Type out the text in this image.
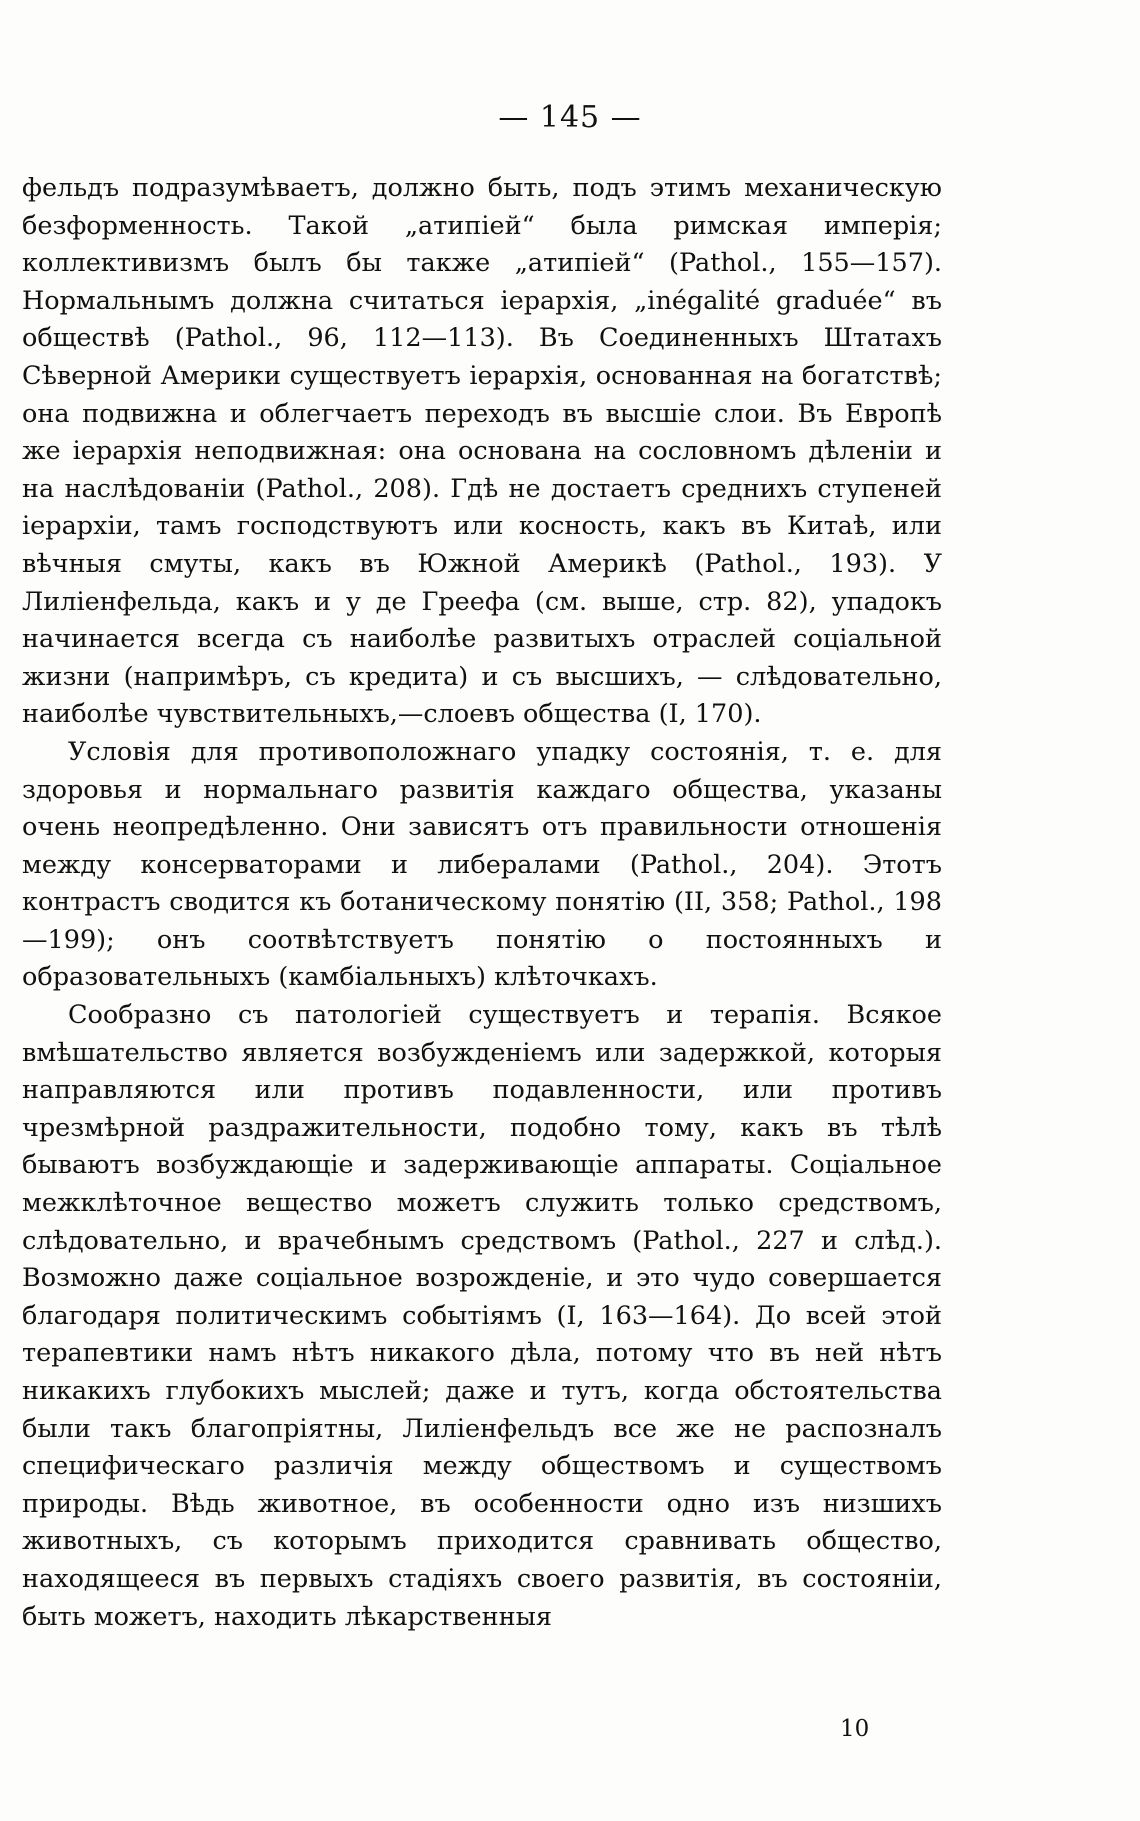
— 145 —

фельдъ подразумѣваетъ, должно быть, подъ этимъ механическую безформенность. Такой „атипіей“ была римская имперія; коллективизмъ былъ бы также „атипіей“ (Pathol., 155—157). Нормальнымъ должна считаться іерархія, „inégalité graduée“ въ обществѣ (Pathol., 96, 112—113). Въ Соединенныхъ Штатахъ Сѣверной Америки существуетъ іерархія, основанная на богатствѣ; она подвижна и облегчаетъ переходъ въ высшіе слои. Въ Европѣ же іерархія неподвижная: она основана на сословномъ дѣленіи и на наслѣдованіи (Pathol., 208). Гдѣ не достаетъ среднихъ ступеней іерархіи, тамъ господствуютъ или косность, какъ въ Китаѣ, или вѣчныя смуты, какъ въ Южной Америкѣ (Pathol., 193). У Лиліенфельда, какъ и у де Греефа (см. выше, стр. 82), упадокъ начинается всегда съ наиболѣе развитыхъ отраслей соціальной жизни (напримѣръ, съ кредита) и съ высшихъ, — слѣдовательно, наиболѣе чувствительныхъ,—слоевъ общества (I, 170).

Условія для противоположнаго упадку состоянія, т. е. для здоровья и нормальнаго развитія каждаго общества, указаны очень неопредѣленно. Они зависятъ отъ правильности отношенія между консерваторами и либералами (Pathol., 204). Этотъ контрастъ сводится къ ботаническому понятію (II, 358; Pathol., 198—199); онъ соотвѣтствуетъ понятію о постоянныхъ и образовательныхъ (камбіальныхъ) клѣточкахъ.

Сообразно съ патологіей существуетъ и терапія. Всякое вмѣшательство является возбужденіемъ или задержкой, которыя направляются или противъ подавленности, или противъ чрезмѣрной раздражительности, подобно тому, какъ въ тѣлѣ бываютъ возбуждающіе и задерживающіе аппараты. Соціальное межклѣточное вещество можетъ служить только средствомъ, слѣдовательно, и врачебнымъ средствомъ (Pathol., 227 и слѣд.). Возможно даже соціальное возрожденіе, и это чудо совершается благодаря политическимъ событіямъ (I, 163—164). До всей этой терапевтики намъ нѣтъ никакого дѣла, потому что въ ней нѣтъ никакихъ глубокихъ мыслей; даже и тутъ, когда обстоятельства были такъ благопріятны, Лиліенфельдъ все же не распозналъ специфическаго различія между обществомъ и существомъ природы. Вѣдь животное, въ особенности одно изъ низшихъ животныхъ, съ которымъ приходится сравнивать общество, находящееся въ первыхъ стадіяхъ своего развитія, въ состояніи, быть можетъ, находить лѣкарственныя

10
